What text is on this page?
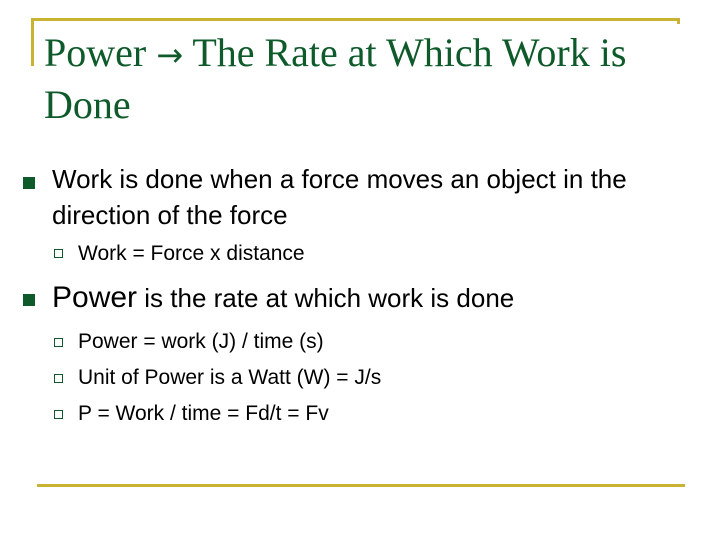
Power → The Rate at Which Work is Done
Work is done when a force moves an object in the direction of the force
Work = Force x distance
Power is the rate at which work is done
Power = work (J) / time (s)
Unit of Power is a Watt (W) = J/s
P = Work / time = Fd/t = Fv
